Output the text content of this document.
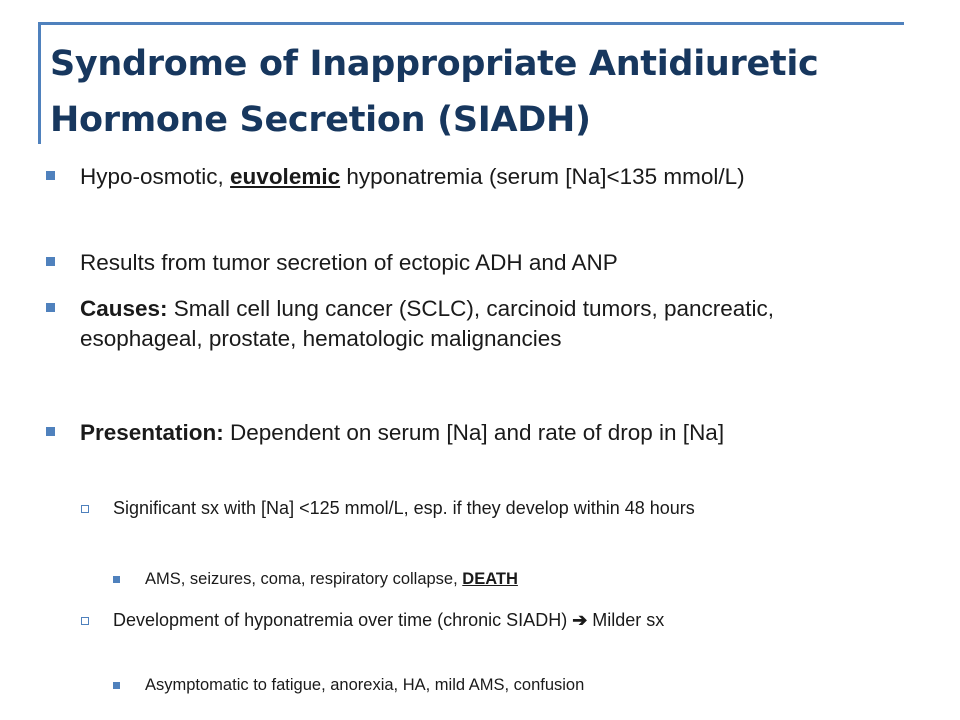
Syndrome of Inappropriate Antidiuretic Hormone Secretion (SIADH)
Hypo-osmotic, euvolemic hyponatremia (serum [Na]<135 mmol/L)
Results from tumor secretion of ectopic ADH and ANP
Causes: Small cell lung cancer (SCLC), carcinoid tumors, pancreatic, esophageal, prostate, hematologic malignancies
Presentation: Dependent on serum [Na] and rate of drop in [Na]
Significant sx with [Na] <125 mmol/L, esp. if they develop within 48 hours
AMS, seizures, coma, respiratory collapse, DEATH
Development of hyponatremia over time (chronic SIADH) ➔ Milder sx
Asymptomatic to fatigue, anorexia, HA, mild AMS, confusion
